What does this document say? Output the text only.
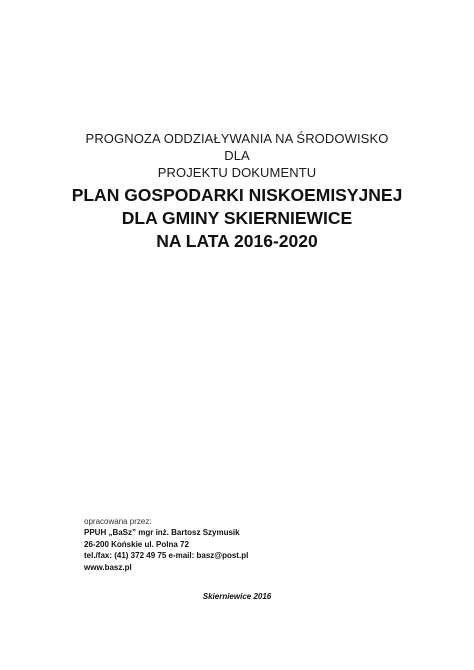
PROGNOZA ODDZIAŁYWANIA NA ŚRODOWISKO
DLA
PROJEKTU DOKUMENTU
PLAN GOSPODARKI NISKOEMISYJNEJ
DLA GMINY SKIERNIEWICE
NA LATA 2016-2020
opracowana przez:
PPUH „BaSz” mgr inż. Bartosz Szymusik
26-200 Końskie ul. Polna 72
tel./fax: (41) 372 49 75 e-mail: basz@post.pl
www.basz.pl
Skierniewice 2016
